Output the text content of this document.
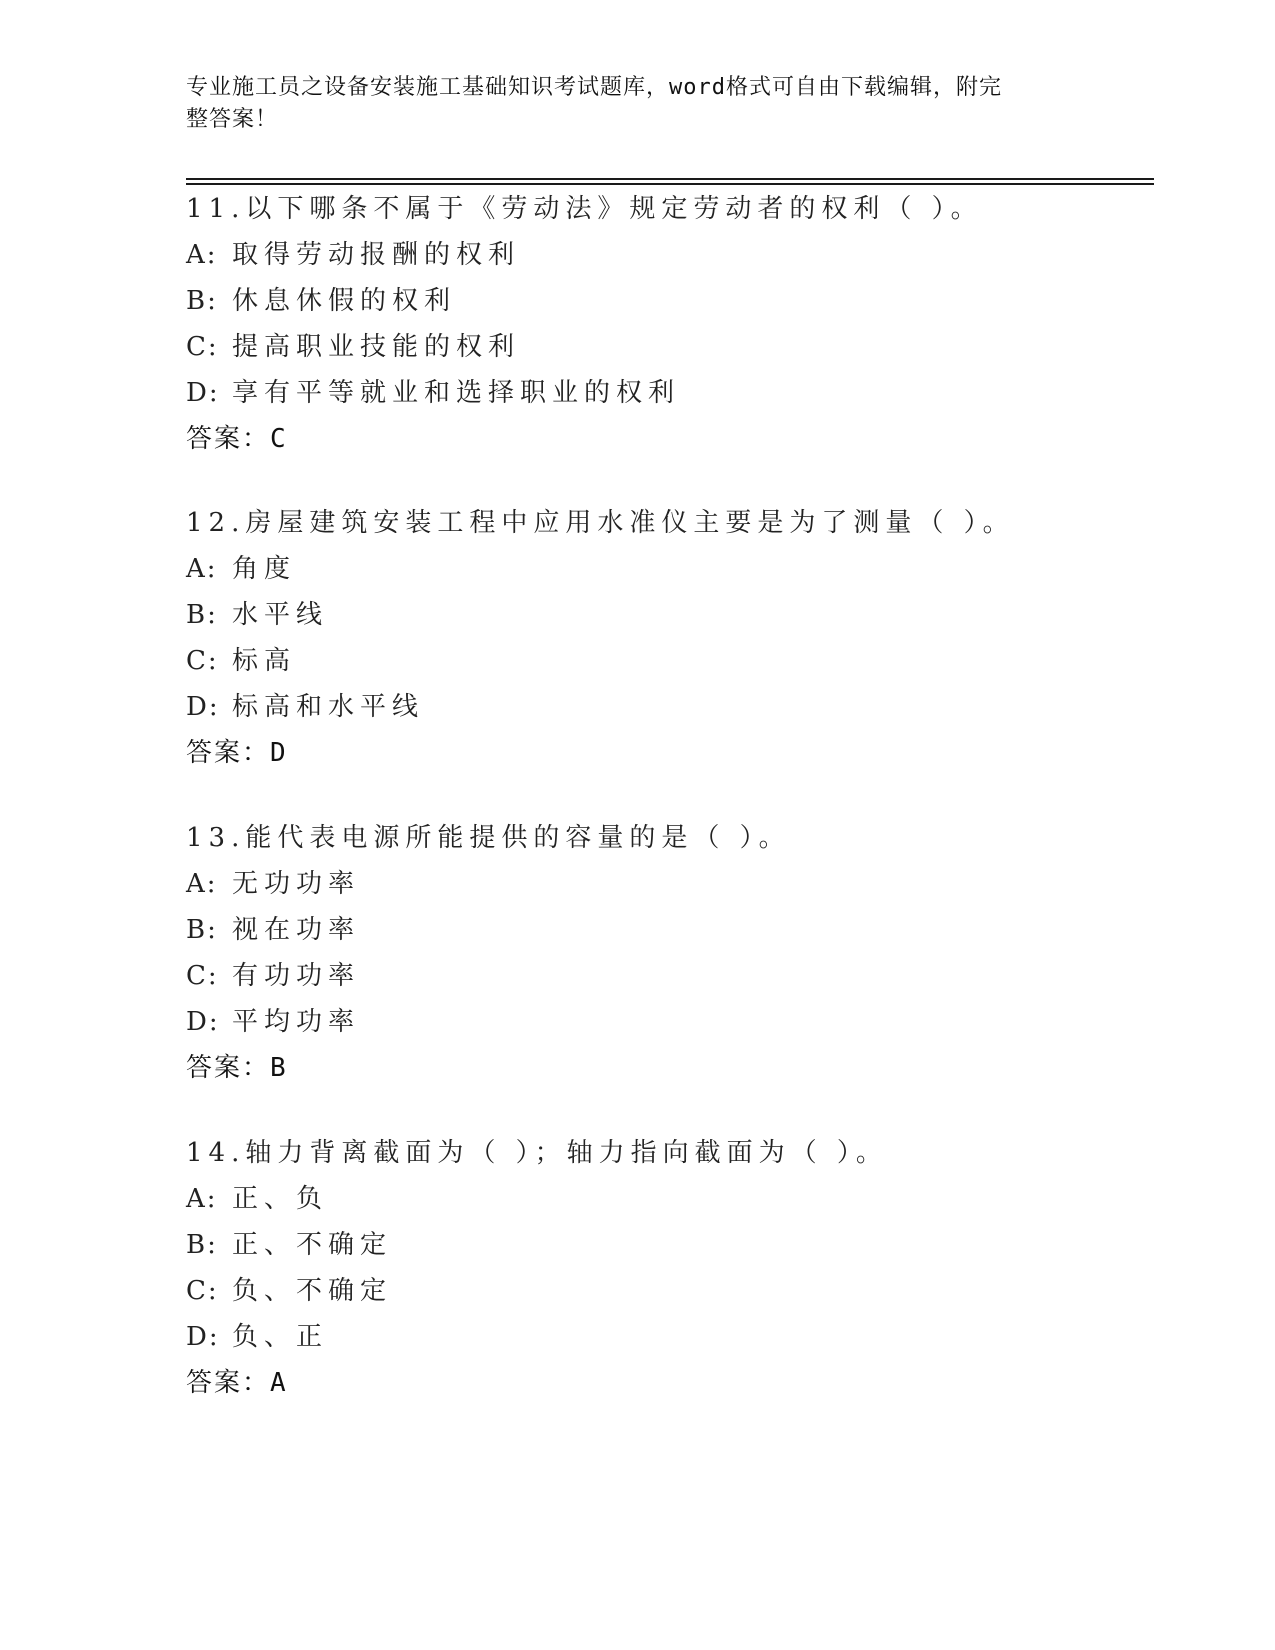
专业施工员之设备安装施工基础知识考试题库，word格式可自由下载编辑，附完
整答案！
11.以下哪条不属于《劳动法》规定劳动者的权利（ ）。
A: 取得劳动报酬的权利
B: 休息休假的权利
C: 提高职业技能的权利
D: 享有平等就业和选择职业的权利
答案：C
12.房屋建筑安装工程中应用水准仪主要是为了测量（ ）。
A: 角度
B: 水平线
C: 标高
D: 标高和水平线
答案：D
13.能代表电源所能提供的容量的是（ ）。
A: 无功功率
B: 视在功率
C: 有功功率
D: 平均功率
答案：B
14.轴力背离截面为（ ）；轴力指向截面为（ ）。
A: 正、负
B: 正、不确定
C: 负、不确定
D: 负、正
答案：A
